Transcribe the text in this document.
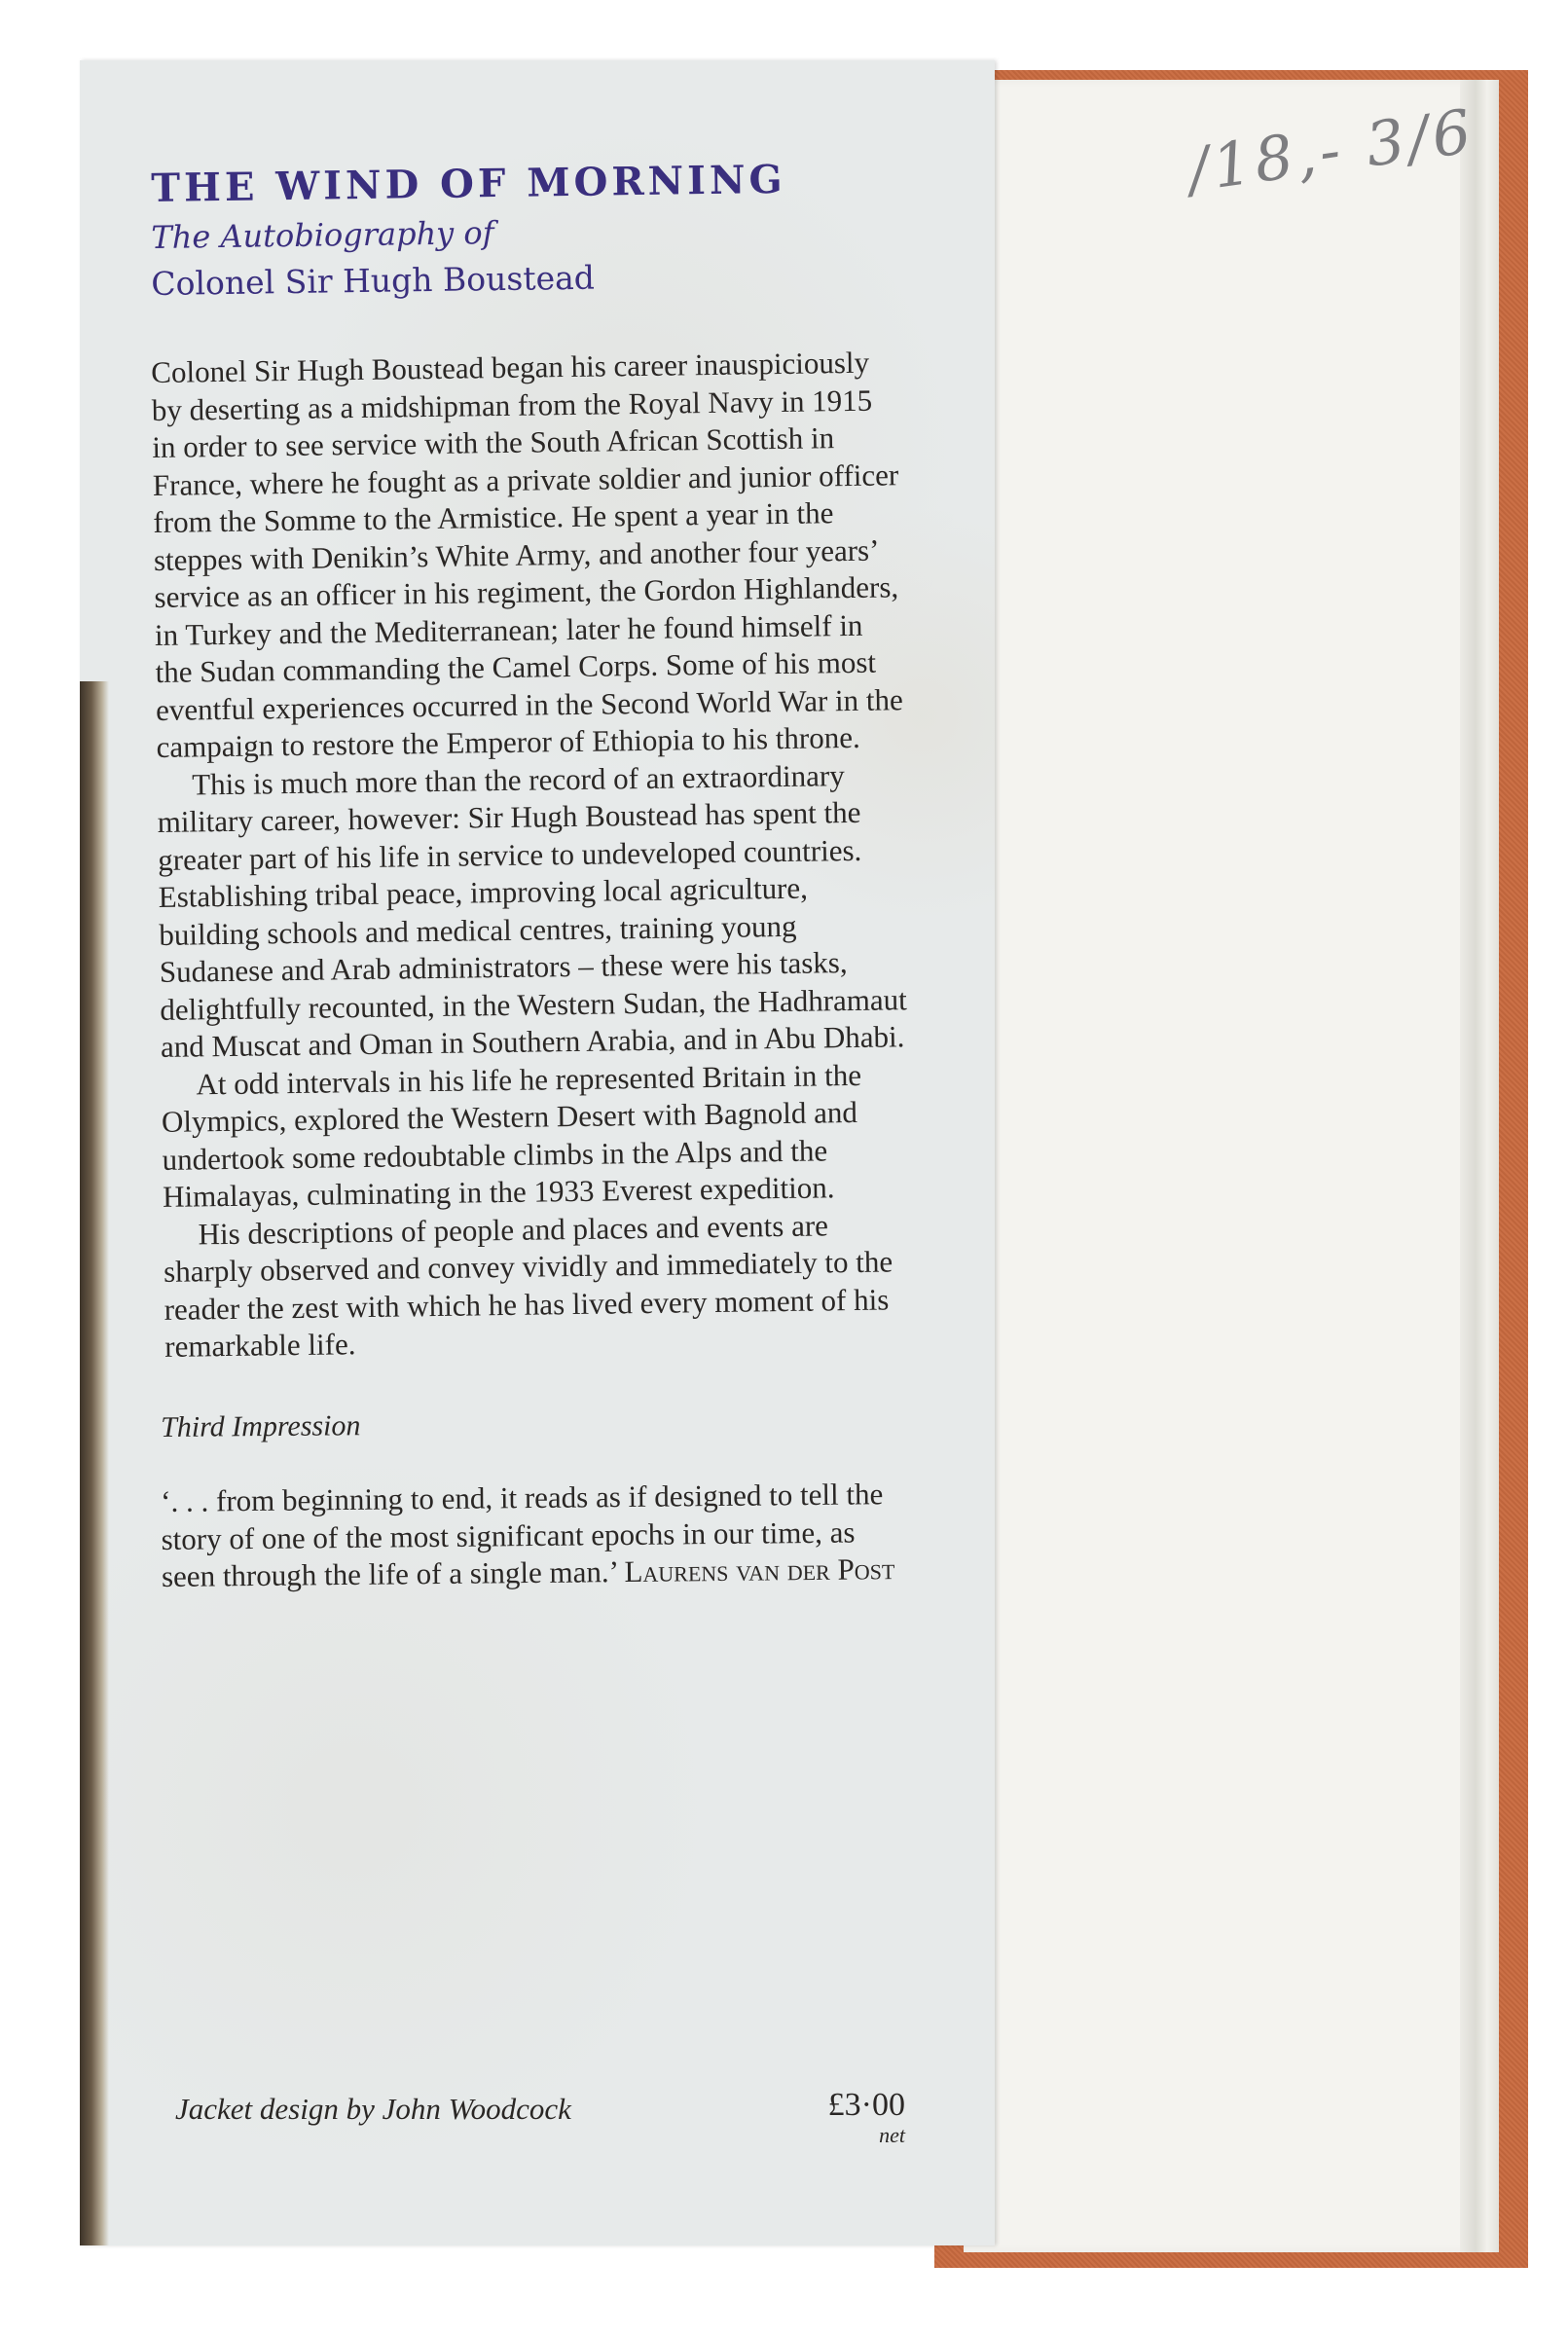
/18,- 3/6
THE WIND OF MORNING
The Autobiography of
Colonel Sir Hugh Boustead

Colonel Sir Hugh Boustead began his career inauspiciously by deserting as a midshipman from the Royal Navy in 1915 in order to see service with the South African Scottish in France, where he fought as a private soldier and junior officer from the Somme to the Armistice. He spent a year in the steppes with Denikin’s White Army, and another four years’ service as an officer in his regiment, the Gordon Highlanders, in Turkey and the Mediterranean; later he found himself in the Sudan commanding the Camel Corps. Some of his most eventful experiences occurred in the Second World War in the campaign to restore the Emperor of Ethiopia to his throne.

This is much more than the record of an extraordinary military career, however: Sir Hugh Boustead has spent the greater part of his life in service to undeveloped countries. Establishing tribal peace, improving local agriculture, building schools and medical centres, training young Sudanese and Arab administrators – these were his tasks, delightfully recounted, in the Western Sudan, the Hadhramaut and Muscat and Oman in Southern Arabia, and in Abu Dhabi.

At odd intervals in his life he represented Britain in the Olympics, explored the Western Desert with Bagnold and undertook some redoubtable climbs in the Alps and the Himalayas, culminating in the 1933 Everest expedition.

His descriptions of people and places and events are sharply observed and convey vividly and immediately to the reader the zest with which he has lived every moment of his remarkable life.

Third Impression
‘. . . from beginning to end, it reads as if designed to tell the story of one of the most significant epochs in our time, as seen through the life of a single man.’ Laurens van der Post
Jacket design by John Woodcock	£3·00
net
